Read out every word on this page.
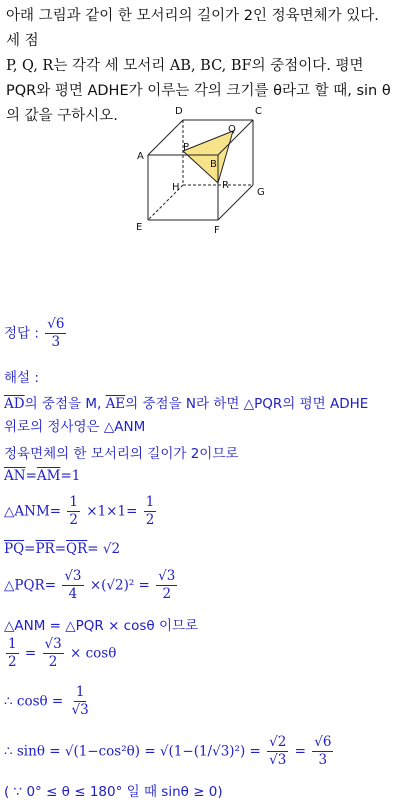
아래 그림과 같이 한 모서리의 길이가 2인 정육면체가 있다. 세 점
P, Q, R는 각각 세 모서리 AB, BC, BF의 중점이다. 평면
PQR와 평면 ADHE가 이루는 각의 크기를 θ라고 할 때, sin θ
의 값을 구하시오.	D	C
A
B
P
Q
R
H	G
E	F
정답 : $\frac{√6}{3}$
해설 :
$\overline{AD}$의 중점을 M, $\overline{AE}$의 중점을 N라 하면 △PQR의 평면 ADHE
위로의 정사영은 △ANM
정육면체의 한 모서리의 길이가 2이므로
$\overline{AN}=\overline{AM}=1$
△ANM= $\frac{1}{2} \times 1\times 1= \frac{1}{2}$
$\overline{PQ}=\overline{PR}=\overline{QR}= √2$
△PQR= $\frac{√3}{4} \times(√2)^2 = \frac{√3}{2}$
△ANM = △PQR × cosθ 이므로
$\frac{1}{2} = \frac{√3}{2} \times \cos\theta$
∴ $\cos\theta = \frac{1}{√3}$
∴ $\sin\theta = √(1-\cos^2\theta) = √(1-(1/√3)^2) = \frac{√2}{√3} = \frac{√6}{3}$
( ∵ 0° ≤ θ ≤ 180° 일 때 sinθ ≥ 0)
